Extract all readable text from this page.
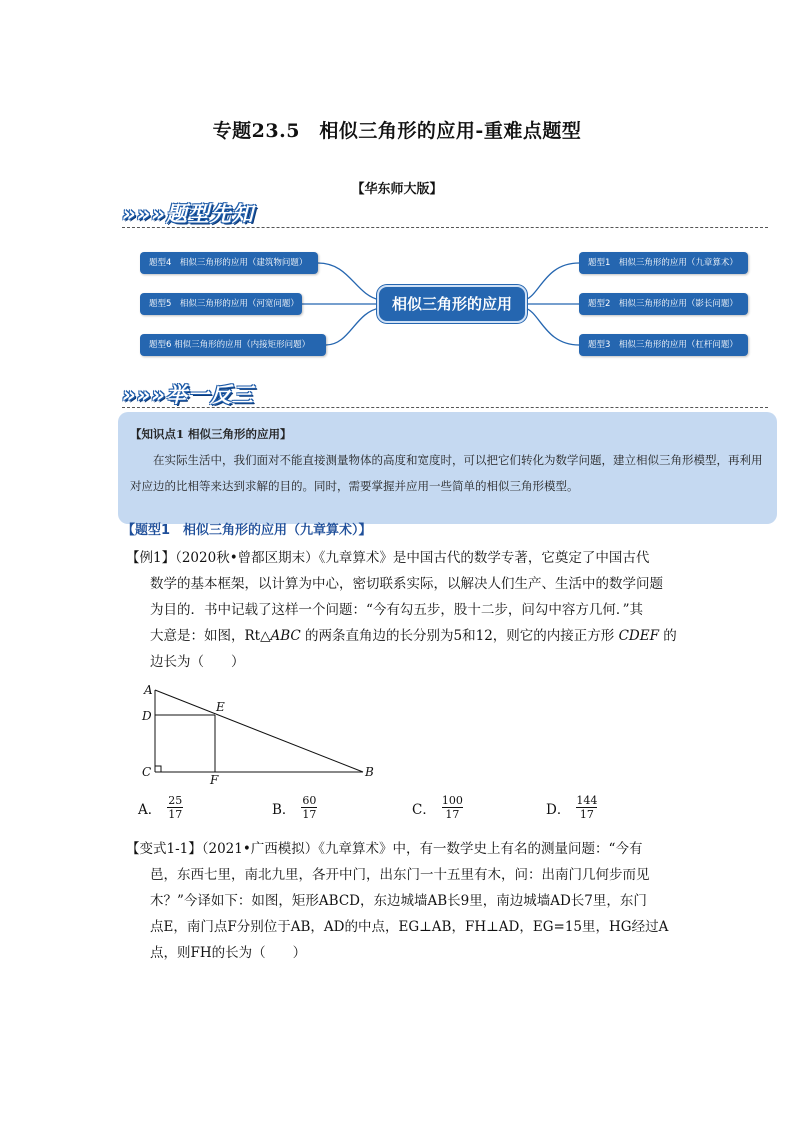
专题23.5　相似三角形的应用-重难点题型
【华东师大版】
»»»题型先知
题型4　相似三角形的应用（建筑物问题）
题型5　相似三角形的应用（河宽问题）
题型6 相似三角形的应用（内接矩形问题）
相似三角形的应用
题型1　相似三角形的应用（九章算术）
题型2　相似三角形的应用（影长问题）
题型3　相似三角形的应用（杠杆问题）
»»»举一反三
【知识点1 相似三角形的应用】

在实际生活中，我们面对不能直接测量物体的高度和宽度时，可以把它们转化为数学问题，建立相似三角形模型，再利用对应边的比相等来达到求解的目的。同时，需要掌握并应用一些简单的相似三角形模型。

【题型1　相似三角形的应用（九章算术）】
【例1】（2020秋•曾都区期末）《九章算术》是中国古代的数学专著，它奠定了中国古代
数学的基本框架，以计算为中心，密切联系实际，以解决人们生产、生活中的数学问题
为目的．书中记载了这样一个问题：“今有勾五步，股十二步，问勾中容方几何．”其
大意是：如图，Rt△ABC 的两条直角边的长分别为5和12，则它的内接正方形 CDEF 的
边长为（　　）
A
D
E
C
F
B
A． $\frac{25}{17}$	B． $\frac{60}{17}$	C． $\frac{100}{17}$	D． $\frac{144}{17}$
【变式1-1】（2021•广西模拟）《九章算术》中，有一数学史上有名的测量问题：“今有
邑，东西七里，南北九里，各开中门，出东门一十五里有木，问：出南门几何步而见
木？”今译如下：如图，矩形ABCD，东边城墙AB长9里，南边城墙AD长7里，东门
点E，南门点F分别位于AB，AD的中点，EG⊥AB，FH⊥AD，EG=15里，HG经过A
点，则FH的长为（　　）
